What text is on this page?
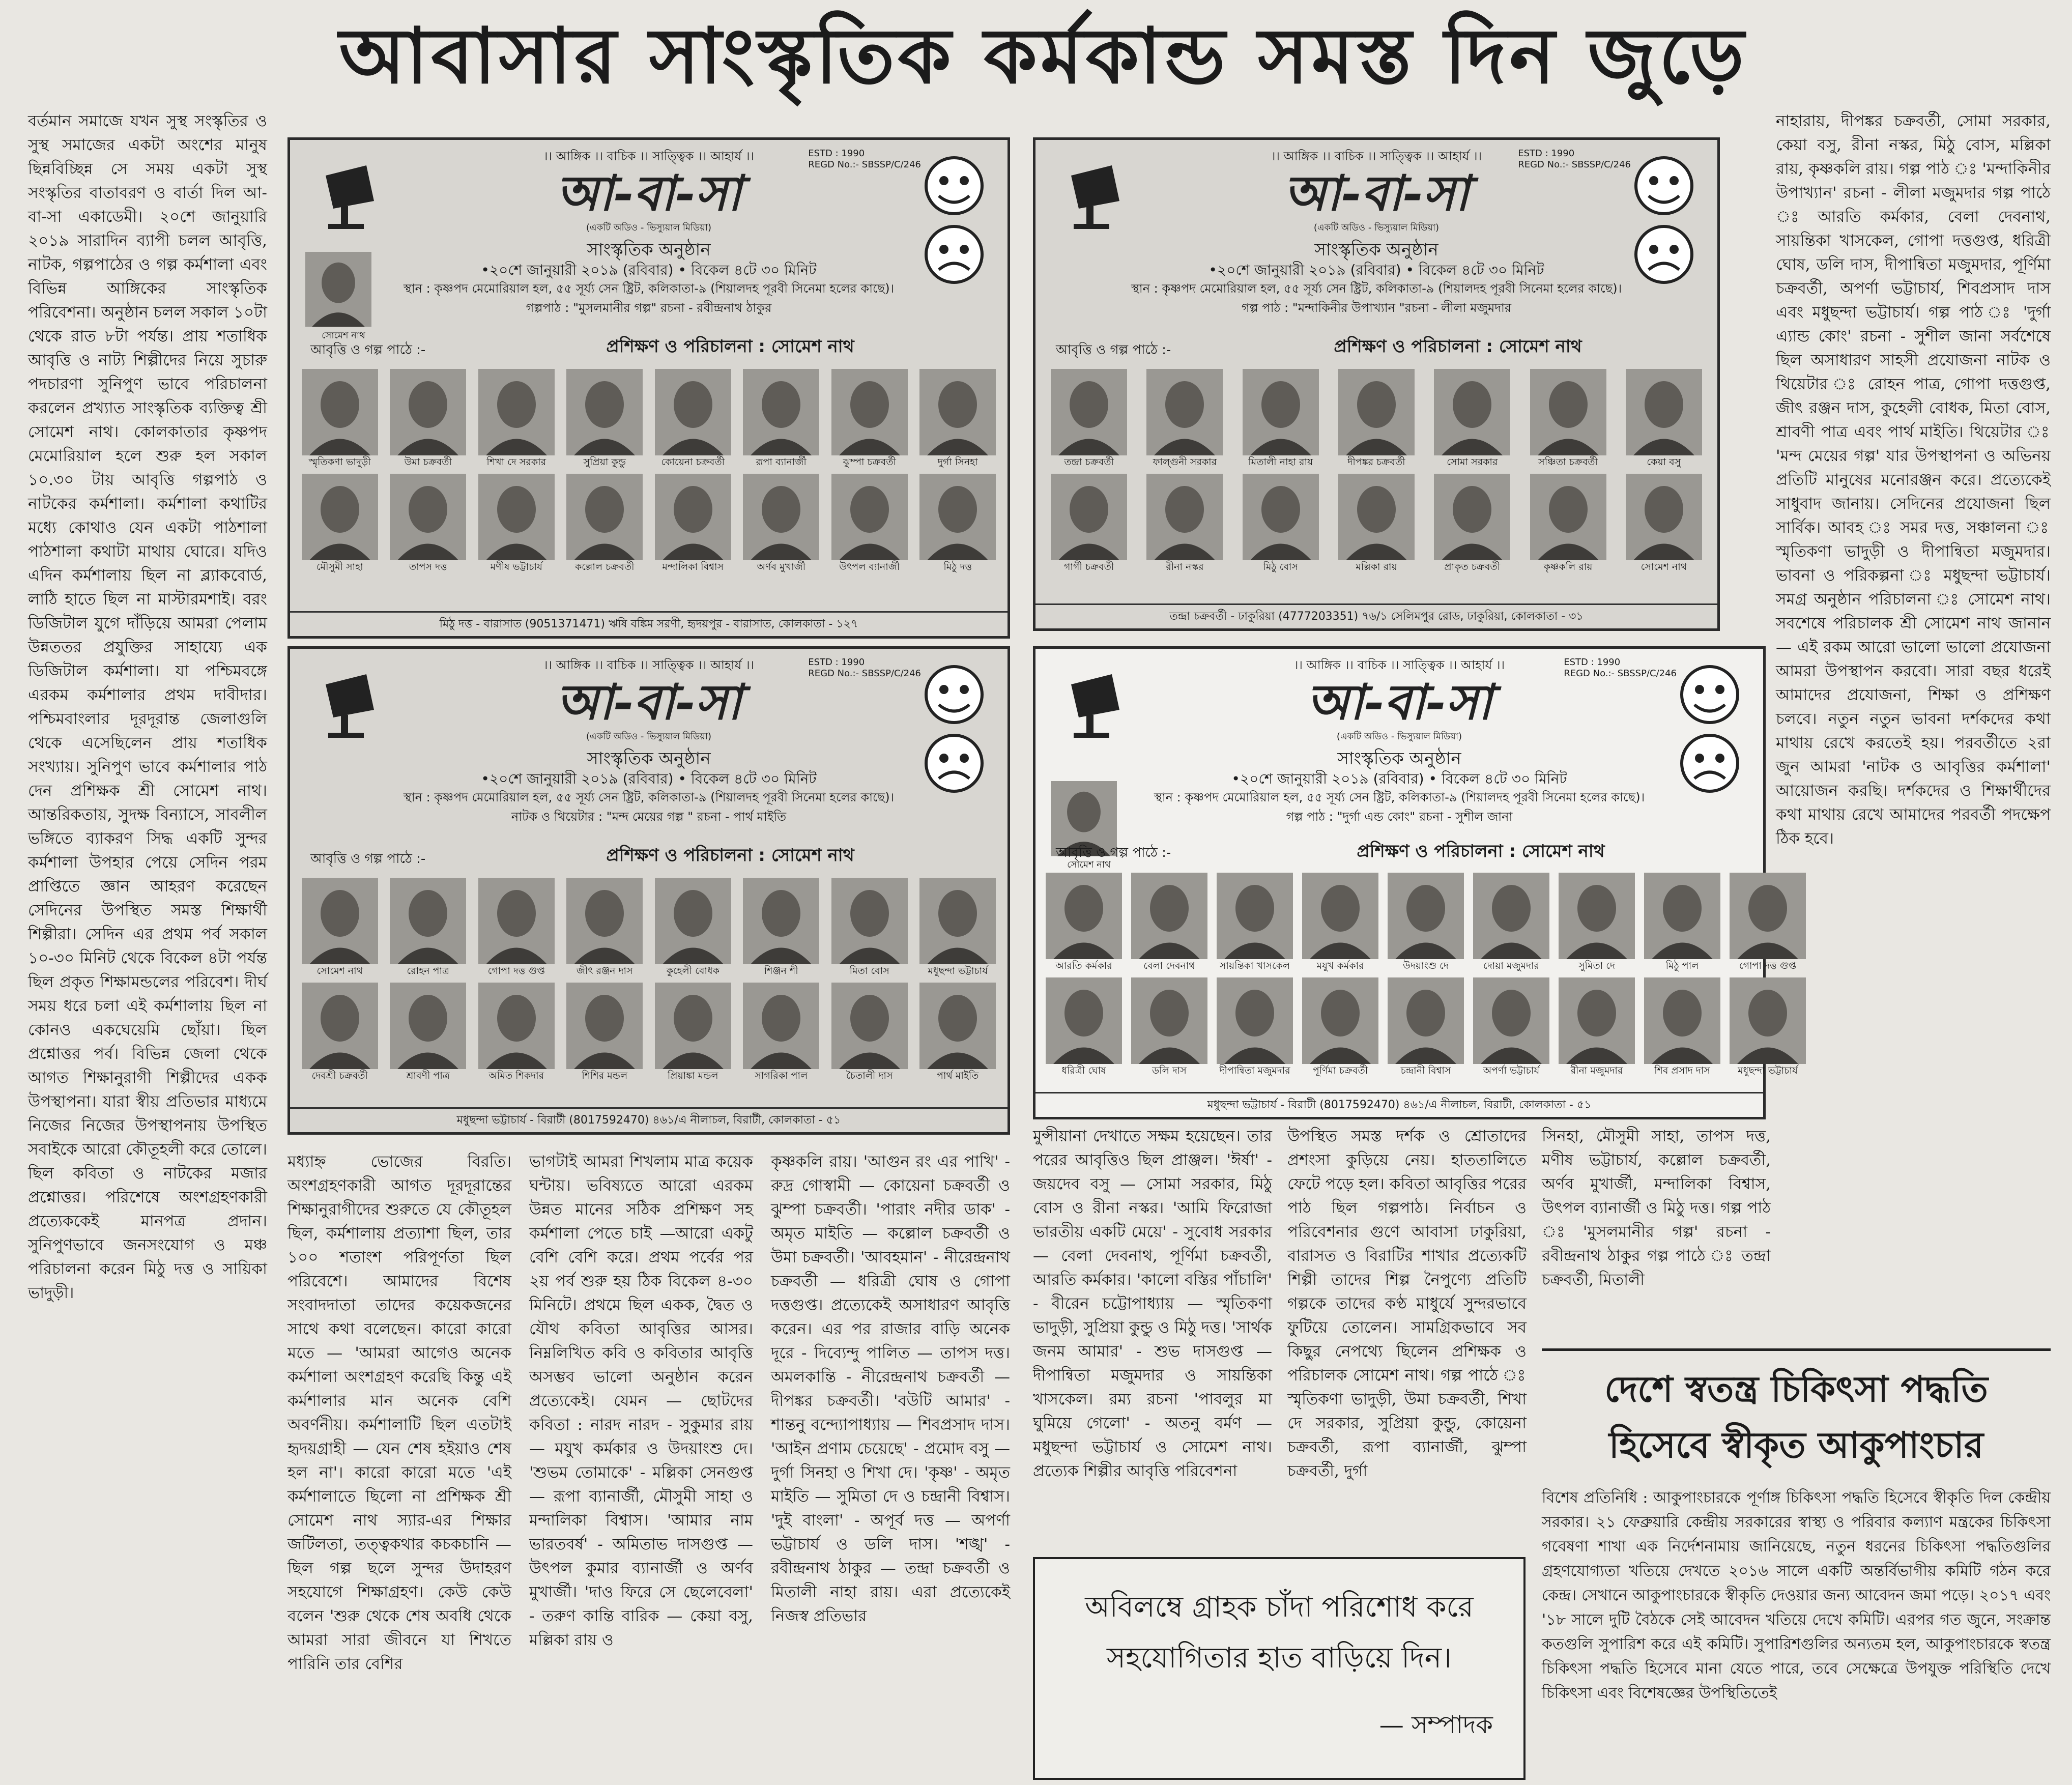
আবাসার সাংস্কৃতিক কর্মকান্ড সমস্ত দিন জুড়ে

বর্তমান সমাজে যখন সুস্থ সংস্কৃতির ও সুস্থ সমাজের একটা অংশের মানুষ ছিন্নবিচ্ছিন্ন সে সময় একটা সুস্থ সংস্কৃতির বাতাবরণ ও বার্তা দিল আ-বা-সা একাডেমী। ২০শে জানুয়ারি ২০১৯ সারাদিন ব্যাপী চলল আবৃত্তি, নাটক, গল্পপাঠের ও গল্প কর্মশালা এবং বিভিন্ন আঙ্গিকের সাংস্কৃতিক পরিবেশনা। অনুষ্ঠান চলল সকাল ১০টা থেকে রাত ৮টা পর্যন্ত। প্রায় শতাধিক আবৃত্তি ও নাট্য শিল্পীদের নিয়ে সুচারু পদচারণা সুনিপুণ ভাবে পরিচালনা করলেন প্রখ্যাত সাংস্কৃতিক ব্যক্তিত্ব শ্রী সোমেশ নাথ। কোলকাতার কৃষ্ণপদ মেমোরিয়াল হলে শুরু হল সকাল ১০.৩০ টায় আবৃত্তি গল্পপাঠ ও নাটকের কর্মশালা। কর্মশালা কথাটির মধ্যে কোথাও যেন একটা পাঠশালা পাঠশালা কথাটা মাথায় ঘোরে। যদিও এদিন কর্মশালায় ছিল না ব্ল্যাকবোর্ড, লাঠি হাতে ছিল না মাস্টারমশাই। বরং ডিজিটাল যুগে দাঁড়িয়ে আমরা পেলাম উন্নততর প্রযুক্তির সাহায্যে এক ডিজিটাল কর্মশালা। যা পশ্চিমবঙ্গে এরকম কর্মশালার প্রথম দাবীদার। পশ্চিমবাংলার দূরদূরান্ত জেলাগুলি থেকে এসেছিলেন প্রায় শতাধিক সংখ্যায়। সুনিপুণ ভাবে কর্মশালার পাঠ দেন প্রশিক্ষক শ্রী সোমেশ নাথ। আন্তরিকতায়, সুদক্ষ বিন্যাসে, সাবলীল ভঙ্গিতে ব্যাকরণ সিদ্ধ একটি সুন্দর কর্মশালা উপহার পেয়ে সেদিন পরম প্রাপ্তিতে জ্ঞান আহরণ করেছেন সেদিনের উপস্থিত সমস্ত শিক্ষার্থী শিল্পীরা। সেদিন এর প্রথম পর্ব সকাল ১০-৩০ মিনিট থেকে বিকেল ৪টা পর্যন্ত ছিল প্রকৃত শিক্ষামন্ডলের পরিবেশ। দীর্ঘ সময় ধরে চলা এই কর্মশালায় ছিল না কোনও একঘেয়েমি ছোঁয়া। ছিল প্রশ্নোত্তর পর্ব। বিভিন্ন জেলা থেকে আগত শিক্ষানুরাগী শিল্পীদের একক উপস্থাপনা। যারা স্বীয় প্রতিভার মাধ্যমে নিজের নিজের উপস্থাপনায় উপস্থিত সবাইকে আরো কৌতূহলী করে তোলে। ছিল কবিতা ও নাটকের মজার প্রশ্নোত্তর। পরিশেষে অংশগ্রহণকারী প্রত্যেককেই মানপত্র প্রদান। সুনিপুণভাবে জনসংযোগ ও মঞ্চ পরিচালনা করেন মিঠু দত্ত ও সায়িকা ভাদুড়ী।

নাহারায়, দীপঙ্কর চক্রবর্তী, সোমা সরকার, কেয়া বসু, রীনা নস্কর, মিঠু বোস, মল্লিকা রায়, কৃষ্ণকলি রায়। গল্প পাঠ ঃ 'মন্দাকিনীর উপাখ্যান' রচনা - লীলা মজুমদার গল্প পাঠে ঃ আরতি কর্মকার, বেলা দেবনাথ, সায়ন্তিকা খাসকেল, গোপা দত্তগুপ্ত, ধরিত্রী ঘোষ, ডলি দাস, দীপান্বিতা মজুমদার, পূর্ণিমা চক্রবর্তী, অপর্ণা ভট্টাচার্য, শিবপ্রসাদ দাস এবং মধুছন্দা ভট্টাচার্য। গল্প পাঠ ঃ 'দুর্গা এ্যান্ড কোং' রচনা - সুশীল জানা সর্বশেষে ছিল অসাধারণ সাহসী প্রযোজনা নাটক ও থিয়েটার ঃ রোহন পাত্র, গোপা দত্তগুপ্ত, জীৎ রঞ্জন দাস, কুহেলী বোধক, মিতা বোস, শ্রাবণী পাত্র এবং পার্থ মাইতি। থিয়েটার ঃ 'মন্দ মেয়ের গল্প' যার উপস্থাপনা ও অভিনয় প্রতিটি মানুষের মনোরঞ্জন করে। প্রত্যেকেই সাধুবাদ জানায়। সেদিনের প্রযোজনা ছিল সার্বিক। আবহ ঃ সমর দত্ত, সঞ্চালনা ঃ স্মৃতিকণা ভাদুড়ী ও দীপান্বিতা মজুমদার। ভাবনা ও পরিকল্পনা ঃ মধুছন্দা ভট্টাচার্য। সমগ্র অনুষ্ঠান পরিচালনা ঃ সোমেশ নাথ। সবশেষে পরিচালক শ্রী সোমেশ নাথ জানান — এই রকম আরো ভালো ভালো প্রযোজনা আমরা উপস্থাপন করবো। সারা বছর ধরেই আমাদের প্রযোজনা, শিক্ষা ও প্রশিক্ষণ চলবে। নতুন নতুন ভাবনা দর্শকদের কথা মাথায় রেখে করতেই হয়। পরবর্তীতে ২রা জুন আমরা 'নাটক ও আবৃত্তির কর্মশালা' আয়োজন করছি। দর্শকদের ও শিক্ষার্থীদের কথা মাথায় রেখে আমাদের পরবর্তী পদক্ষেপ ঠিক হবে।

মধ্যাহ্ন ভোজের বিরতি। অংশগ্রহণকারী আগত দূরদূরান্তের শিক্ষানুরাগীদের শুরুতে যে কৌতূহল ছিল, কর্মশালায় প্রত্যাশা ছিল, তার ১০০ শতাংশ পরিপূর্ণতা ছিল পরিবেশে। আমাদের বিশেষ সংবাদদাতা তাদের কয়েকজনের সাথে কথা বলেছেন। কারো কারো মতে — 'আমরা আগেও অনেক কর্মশালা অংশগ্রহণ করেছি কিন্তু এই কর্মশালার মান অনেক বেশি অবর্ণনীয়। কর্মশালাটি ছিল এতটাই হৃদয়গ্রাহী — যেন শেষ হইয়াও শেষ হল না'। কারো কারো মতে 'এই কর্মশালাতে ছিলো না প্রশিক্ষক শ্রী সোমেশ নাথ স্যার-এর শিক্ষার জটিলতা, তত্ত্বকথার কচকচানি — ছিল গল্প ছলে সুন্দর উদাহরণ সহযোগে শিক্ষাগ্রহণ। কেউ কেউ বলেন 'শুরু থেকে শেষ অবধি থেকে আমরা সারা জীবনে যা শিখতে পারিনি তার বেশির

ভাগটাই আমরা শিখলাম মাত্র কয়েক ঘন্টায়। ভবিষ্যতে আরো এরকম উন্নত মানের সঠিক প্রশিক্ষণ সহ কর্মশালা পেতে চাই —আরো একটু বেশি বেশি করে। প্রথম পর্বের পর ২য় পর্ব শুরু হয় ঠিক বিকেল ৪-৩০ মিনিটে। প্রথমে ছিল একক, দ্বৈত ও যৌথ কবিতা আবৃত্তির আসর। নিম্নলিখিত কবি ও কবিতার আবৃত্তি অসম্ভব ভালো অনুষ্ঠান করেন প্রত্যেকেই। যেমন — ছোটদের কবিতা : নারদ নারদ - সুকুমার রায় — মযুখ কর্মকার ও উদয়াংশু দে। 'শুভম তোমাকে' - মল্লিকা সেনগুপ্ত — রূপা ব্যানার্জী, মৌসুমী সাহা ও মন্দালিকা বিশ্বাস। 'আমার নাম ভারতবর্ষ' - অমিতাভ দাসগুপ্ত — উৎপল কুমার ব্যানার্জী ও অর্ণব মুখার্জী। 'দাও ফিরে সে ছেলেবেলা' - তরুণ কান্তি বারিক — কেয়া বসু, মল্লিকা রায় ও

কৃষ্ণকলি রায়। 'আগুন রং এর পাখি' - রুদ্র গোস্বামী — কোয়েনা চক্রবর্তী ও ঝুম্পা চক্রবর্তী। 'পারাং নদীর ডাক' - অমৃত মাইতি — কল্লোল চক্রবর্তী ও উমা চক্রবর্তী। 'আবহমান' - নীরেন্দ্রনাথ চক্রবর্তী — ধরিত্রী ঘোষ ও গোপা দত্তগুপ্ত। প্রত্যেকেই অসাধারণ আবৃত্তি করেন। এর পর রাজার বাড়ি অনেক দূরে - দিব্যেন্দু পালিত — তাপস দত্ত। অমলকান্তি - নীরেন্দ্রনাথ চক্রবর্তী — দীপঙ্কর চক্রবর্তী। 'বউটি আমার' - শান্তনু বন্দ্যোপাধ্যায় — শিবপ্রসাদ দাস। 'আইন প্রণাম চেয়েছে' - প্রমোদ বসু — দুর্গা সিনহা ও শিখা দে। 'কৃষ্ণ' - অমৃত মাইতি — সুমিতা দে ও চন্দ্রানী বিশ্বাস। 'দুই বাংলা' - অপূর্ব দত্ত — অপর্ণা ভট্টাচার্য ও ডলি দাস। 'শঙ্খ' - রবীন্দ্রনাথ ঠাকুর — তন্দ্রা চক্রবর্তী ও মিতালী নাহা রায়। এরা প্রত্যেকেই নিজস্ব প্রতিভার

মুন্সীয়ানা দেখাতে সক্ষম হয়েছেন। তার পরের আবৃত্তিও ছিল প্রাঞ্জল। 'ঈর্ষা' - জয়দেব বসু — সোমা সরকার, মিঠু বোস ও রীনা নস্কর। 'আমি ফিরোজা ভারতীয় একটি মেয়ে' - সুবোধ সরকার — বেলা দেবনাথ, পূর্ণিমা চক্রবর্তী, আরতি কর্মকার। 'কালো বস্তির পাঁচালি' - বীরেন চট্টোপাধ্যায় — স্মৃতিকণা ভাদুড়ী, সুপ্রিয়া কুন্ডু ও মিঠু দত্ত। 'সার্থক জনম আমার' - শুভ দাসগুপ্ত — দীপান্বিতা মজুমদার ও সায়ন্তিকা খাসকেল। রম্য রচনা 'পাবলুর মা ঘুমিয়ে গেলো' - অতনু বর্মণ — মধুছন্দা ভট্টাচার্য ও সোমেশ নাথ। প্রত্যেক শিল্পীর আবৃত্তি পরিবেশনা

উপস্থিত সমস্ত দর্শক ও শ্রোতাদের প্রশংসা কুড়িয়ে নেয়। হাততালিতে ফেটে পড়ে হল। কবিতা আবৃত্তির পরের পাঠ ছিল গল্পপাঠ। নির্বাচন ও পরিবেশনার গুণে আবাসা ঢাকুরিয়া, বারাসত ও বিরাটির শাখার প্রত্যেকটি শিল্পী তাদের শিল্প নৈপুণ্যে প্রতিটি গল্পকে তাদের কণ্ঠ মাধুর্যে সুন্দরভাবে ফুটিয়ে তোলেন। সামগ্রিকভাবে সব কিছুর নেপথ্যে ছিলেন প্রশিক্ষক ও পরিচালক সোমেশ নাথ। গল্প পাঠে ঃ স্মৃতিকণা ভাদুড়ী, উমা চক্রবর্তী, শিখা দে সরকার, সুপ্রিয়া কুন্ডু, কোয়েনা চক্রবর্তী, রূপা ব্যানার্জী, ঝুম্পা চক্রবর্তী, দুর্গা

সিনহা, মৌসুমী সাহা, তাপস দত্ত, মণীষ ভট্টাচার্য, কল্লোল চক্রবর্তী, অর্ণব মুখার্জী, মন্দালিকা বিশ্বাস, উৎপল ব্যানার্জী ও মিঠু দত্ত। গল্প পাঠ ঃ 'মুসলমানীর গল্প' রচনা - রবীন্দ্রনাথ ঠাকুর গল্প পাঠে ঃ তন্দ্রা চক্রবর্তী, মিতালী

অবিলম্বে গ্রাহক চাঁদা পরিশোধ করে
সহযোগিতার হাত বাড়িয়ে দিন।
— সম্পাদক
দেশে স্বতন্ত্র চিকিৎসা পদ্ধতি
হিসেবে স্বীকৃত আকুপাংচার

বিশেষ প্রতিনিধি : আকুপাংচারকে পূর্ণাঙ্গ চিকিৎসা পদ্ধতি হিসেবে স্বীকৃতি দিল কেন্দ্রীয় সরকার। ২১ ফেব্রুয়ারি কেন্দ্রীয় সরকারের স্বাস্থ্য ও পরিবার কল্যাণ মন্ত্রকের চিকিৎসা গবেষণা শাখা এক নির্দেশনামায় জানিয়েছে, নতুন ধরনের চিকিৎসা পদ্ধতিগুলির গ্রহণযোগ্যতা খতিয়ে দেখতে ২০১৬ সালে একটি অন্তর্বিভাগীয় কমিটি গঠন করে কেন্দ্র। সেখানে আকুপাংচারকে স্বীকৃতি দেওয়ার জন্য আবেদন জমা পড়ে। ২০১৭ এবং '১৮ সালে দুটি বৈঠকে সেই আবেদন খতিয়ে দেখে কমিটি। এরপর গত জুনে, সংক্রান্ত কতগুলি সুপারিশ করে এই কমিটি। সুপারিশগুলির অন্যতম হল, আকুপাংচারকে স্বতন্ত্র চিকিৎসা পদ্ধতি হিসেবে মানা যেতে পারে, তবে সেক্ষেত্রে উপযুক্ত পরিস্থিতি দেখে চিকিৎসা এবং বিশেষজ্ঞের উপস্থিতিতেই

।। আঙ্গিক ।। বাচিক ।। সাত্ত্বিক ।। আহার্য ।।	ESTD : 1990
REGD No.:- SBSSP/C/246
আ-বা-সা
(একটি অডিও - ভিস্যুয়াল মিডিয়া)
সাংস্কৃতিক অনুষ্ঠান
•২০শে জানুয়ারী ২০১৯ (রবিবার) • বিকেল ৪টে ৩০ মিনিট
স্থান : কৃষ্ণপদ মেমোরিয়াল হল, ৫৫ সূর্য্য সেন ষ্ট্রিট, কলিকাতা-৯ (শিয়ালদহ পূরবী সিনেমা হলের কাছে)।
গল্পপাঠ : "মুসলমানীর গল্প" রচনা - রবীন্দ্রনাথ ঠাকুর
সোমেশ নাথ
আবৃত্তি ও গল্প পাঠে :-	প্রশিক্ষণ ও পরিচালনা : সোমেশ নাথ
স্মৃতিকণা ভাদুড়ী	উমা চক্রবর্তী	শিখা দে সরকার	সুপ্রিয়া কুন্ডু	কোয়েনা চক্রবর্তী	রূপা ব্যানার্জী	ঝুম্পা চক্রবর্তী	দুর্গা সিনহা
মৌসুমী সাহা	তাপস দত্ত	মণীষ ভট্টাচার্য	কল্লোল চক্রবর্তী	মন্দালিকা বিশ্বাস	অর্ণব মুখার্জী	উৎপল ব্যানার্জী	মিঠু দত্ত
মিঠু দত্ত - বারাসাত (9051371471) ঋষি বঙ্কিম সরণী, হৃদয়পুর - বারাসাত, কোলকাতা - ১২৭
।। আঙ্গিক ।। বাচিক ।। সাত্ত্বিক ।। আহার্য ।।	ESTD : 1990
REGD No.:- SBSSP/C/246
আ-বা-সা
(একটি অডিও - ভিস্যুয়াল মিডিয়া)
সাংস্কৃতিক অনুষ্ঠান
•২০শে জানুয়ারী ২০১৯ (রবিবার) • বিকেল ৪টে ৩০ মিনিট
স্থান : কৃষ্ণপদ মেমোরিয়াল হল, ৫৫ সূর্য্য সেন ষ্ট্রিট, কলিকাতা-৯ (শিয়ালদহ পূরবী সিনেমা হলের কাছে)।
গল্প পাঠ : "মন্দাকিনীর উপাখ্যান "রচনা - লীলা মজুমদার
আবৃত্তি ও গল্প পাঠে :-	প্রশিক্ষণ ও পরিচালনা : সোমেশ নাথ
তন্দ্রা চক্রবর্তী	ফাল্গুনী সরকার	মিতালী নাহা রায়	দীপঙ্কর চক্রবর্তী	সোমা সরকার	সঞ্চিতা চক্রবর্তী	কেয়া বসু
গার্গী চক্রবর্তী	রীনা নস্কর	মিঠু বোস	মল্লিকা রায়	প্রাকৃত চক্রবর্তী	কৃষ্ণকলি রায়	সোমেশ নাথ
তন্দ্রা চক্রবর্তী - ঢাকুরিয়া (4777203351) ৭৬/১ সেলিমপুর রোড, ঢাকুরিয়া, কোলকাতা - ৩১
।। আঙ্গিক ।। বাচিক ।। সাত্ত্বিক ।। আহার্য ।।	ESTD : 1990
REGD No.:- SBSSP/C/246
আ-বা-সা
(একটি অডিও - ভিস্যুয়াল মিডিয়া)
সাংস্কৃতিক অনুষ্ঠান
•২০শে জানুয়ারী ২০১৯ (রবিবার) • বিকেল ৪টে ৩০ মিনিট
স্থান : কৃষ্ণপদ মেমোরিয়াল হল, ৫৫ সূর্য্য সেন ষ্ট্রিট, কলিকাতা-৯ (শিয়ালদহ পূরবী সিনেমা হলের কাছে)।
নাটক ও থিয়েটার : "মন্দ মেয়ের গল্প " রচনা - পার্থ মাইতি
আবৃত্তি ও গল্প পাঠে :-	প্রশিক্ষণ ও পরিচালনা : সোমেশ নাথ
সোমেশ নাথ	রোহন পাত্র	গোপা দত্ত গুপ্ত	জীৎ রঞ্জন দাস	কুহেলী বোধক	শিঞ্জন শী	মিতা বোস	মধুছন্দা ভট্টাচার্য
দেবশ্রী চক্রবর্তী	শ্রাবণী পাত্র	অমিত শিকদার	শিশির মন্ডল	প্রিয়াঙ্কা মন্ডল	সাগরিকা পাল	চৈতালী দাস	পার্থ মাইতি
মধুছন্দা ভট্টাচার্য - বিরাটী (8017592470) ৪৬১/এ নীলাচল, বিরাটী, কোলকাতা - ৫১
।। আঙ্গিক ।। বাচিক ।। সাত্ত্বিক ।। আহার্য ।।	ESTD : 1990
REGD No.:- SBSSP/C/246
আ-বা-সা
(একটি অডিও - ভিস্যুয়াল মিডিয়া)
সাংস্কৃতিক অনুষ্ঠান
•২০শে জানুয়ারী ২০১৯ (রবিবার) • বিকেল ৪টে ৩০ মিনিট
স্থান : কৃষ্ণপদ মেমোরিয়াল হল, ৫৫ সূর্য্য সেন ষ্ট্রিট, কলিকাতা-৯ (শিয়ালদহ পূরবী সিনেমা হলের কাছে)।
গল্প পাঠ : "দুর্গা এন্ড কোং" রচনা - সুশীল জানা
সোমেশ নাথ
আবৃত্তি ও গল্প পাঠে :-	প্রশিক্ষণ ও পরিচালনা : সোমেশ নাথ
আরতি কর্মকার	বেলা দেবনাথ	সায়ন্তিকা খাসকেল	মযুখ কর্মকার	উদয়াংশু দে	দোয়া মজুমদার	সুমিতা দে	মিঠু পাল	গোপা দত্ত গুপ্ত
ধরিত্রী ঘোষ	ডলি দাস	দীপান্বিতা মজুমদার	পূর্ণিমা চক্রবর্তী	চন্দ্রানী বিশ্বাস	অপর্ণা ভট্টাচার্য	রীনা মজুমদার	শিব প্রসাদ দাস	মধুছন্দা ভট্টাচার্য
মধুছন্দা ভট্টাচার্য - বিরাটী (8017592470) ৪৬১/এ নীলাচল, বিরাটী, কোলকাতা - ৫১
